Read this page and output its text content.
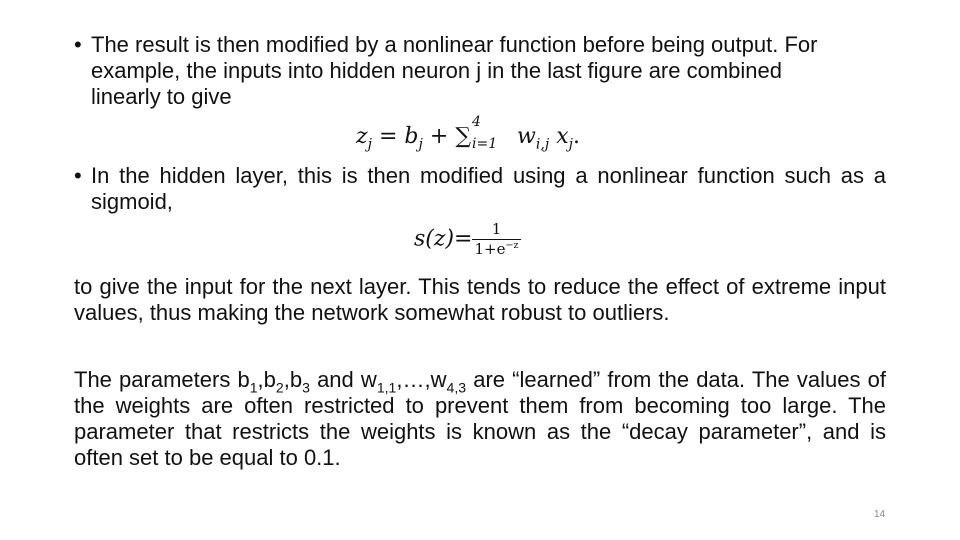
• The result is then modified by a nonlinear function before being output. For example, the inputs into hidden neuron j in the last figure are combined linearly to give
$z_j = b_j$ + ∑
4
i=1 $w_{i,j}$ $x_j$.
• In the hidden layer, this is then modified using a nonlinear function such as a sigmoid,
$s(z)= \frac{1}{1+e^{-z}}$
to give the input for the next layer. This tends to reduce the effect of extreme input values, thus making the network somewhat robust to outliers.
The parameters $b_1,b_2,b_3$ and $w_{1,1},\dots,w_{4,3}$ are “learned” from the data. The values of the weights are often restricted to prevent them from becoming too large. The parameter that restricts the weights is known as the “decay parameter”, and is often set to be equal to 0.1.
14
